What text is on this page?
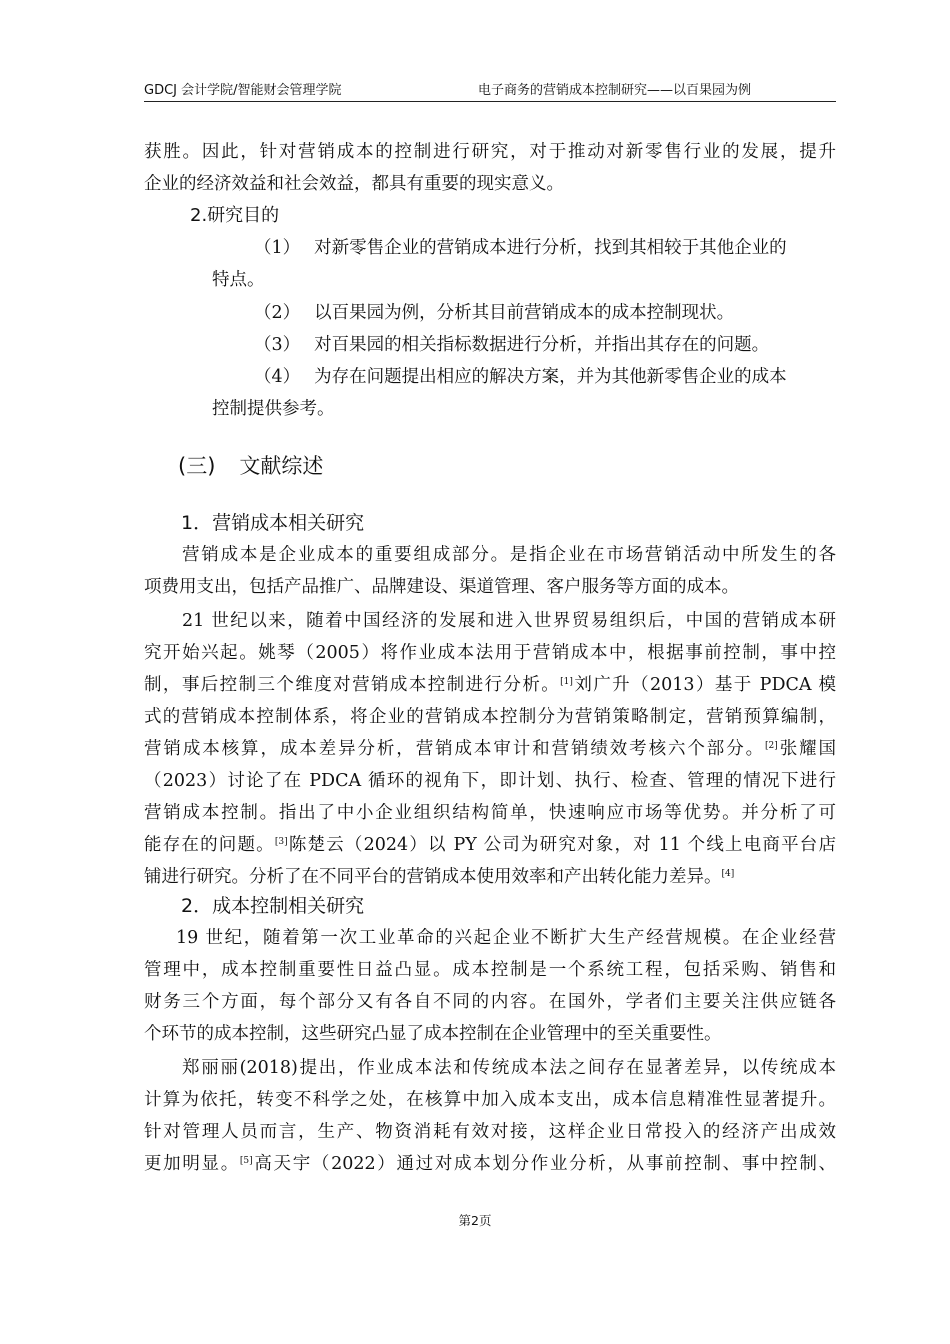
GDCJ 会计学院/智能财会管理学院	电子商务的营销成本控制研究——以百果园为例
获胜。因此，针对营销成本的控制进行研究，对于推动对新零售行业的发展，提升
企业的经济效益和社会效益，都具有重要的现实意义。
2.研究目的
（1） 对新零售企业的营销成本进行分析，找到其相较于其他企业的
特点。
（2） 以百果园为例，分析其目前营销成本的成本控制现状。
（3） 对百果园的相关指标数据进行分析，并指出其存在的问题。
（4） 为存在问题提出相应的解决方案，并为其他新零售企业的成本
控制提供参考。
(三) 文献综述
1．营销成本相关研究
营销成本是企业成本的重要组成部分。是指企业在市场营销活动中所发生的各
项费用支出，包括产品推广、品牌建设、渠道管理、客户服务等方面的成本。
21 世纪以来，随着中国经济的发展和进入世界贸易组织后，中国的营销成本研
究开始兴起。姚琴（2005）将作业成本法用于营销成本中，根据事前控制，事中控
制，事后控制三个维度对营销成本控制进行分析。[1]刘广升（2013）基于 PDCA 模
式的营销成本控制体系，将企业的营销成本控制分为营销策略制定，营销预算编制，
营销成本核算，成本差异分析，营销成本审计和营销绩效考核六个部分。[2]张耀国
（2023）讨论了在 PDCA 循环的视角下，即计划、执行、检查、管理的情况下进行
营销成本控制。指出了中小企业组织结构简单，快速响应市场等优势。并分析了可
能存在的问题。[3]陈楚云（2024）以 PY 公司为研究对象，对 11 个线上电商平台店
铺进行研究。分析了在不同平台的营销成本使用效率和产出转化能力差异。[4]
2．成本控制相关研究
19 世纪，随着第一次工业革命的兴起企业不断扩大生产经营规模。在企业经营
管理中，成本控制重要性日益凸显。成本控制是一个系统工程，包括采购、销售和
财务三个方面，每个部分又有各自不同的内容。在国外，学者们主要关注供应链各
个环节的成本控制，这些研究凸显了成本控制在企业管理中的至关重要性。
郑丽丽(2018)提出，作业成本法和传统成本法之间存在显著差异，以传统成本
计算为依托，转变不科学之处，在核算中加入成本支出，成本信息精准性显著提升。
针对管理人员而言，生产、物资消耗有效对接，这样企业日常投入的经济产出成效
更加明显。[5]高天宇（2022）通过对成本划分作业分析，从事前控制、事中控制、
第2页
